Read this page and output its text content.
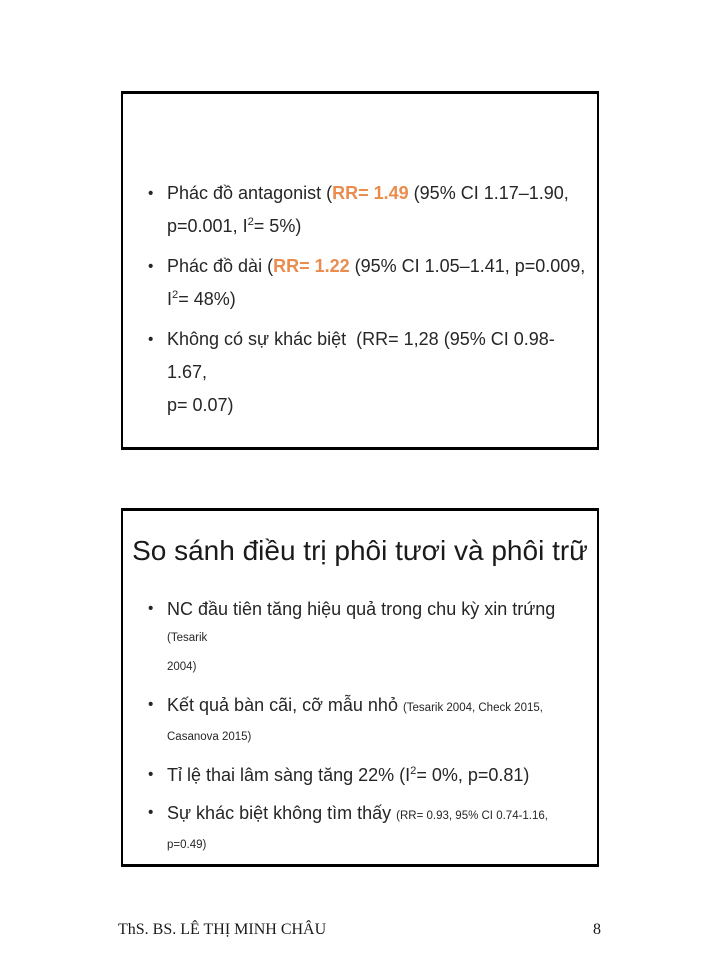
• Phác đồ antagonist (RR= 1.49 (95% CI 1.17–1.90,
p=0.001, $I^2= 5\%$)
• Phác đồ dài (RR= 1.22 (95% CI 1.05–1.41, p=0.009,
$I^2= 48\%$)
• Không có sự khác biệt  (RR= 1,28 (95% CI 0.98-1.67,
p= 0.07)
So sánh điều trị phôi tươi và phôi trữ
• NC đầu tiên tăng hiệu quả trong chu kỳ xin trứng (Tesarik
2004)
• Kết quả bàn cãi, cỡ mẫu nhỏ (Tesarik 2004, Check 2015, Casanova 2015)
• Tỉ lệ thai lâm sàng tăng 22% ($I^2= 0\%$, p=0.81)
• Sự khác biệt không tìm thấy (RR= 0.93, 95% CI 0.74-1.16,
p=0.49)
ThS. BS. LÊ THỊ MINH CHÂU	8
